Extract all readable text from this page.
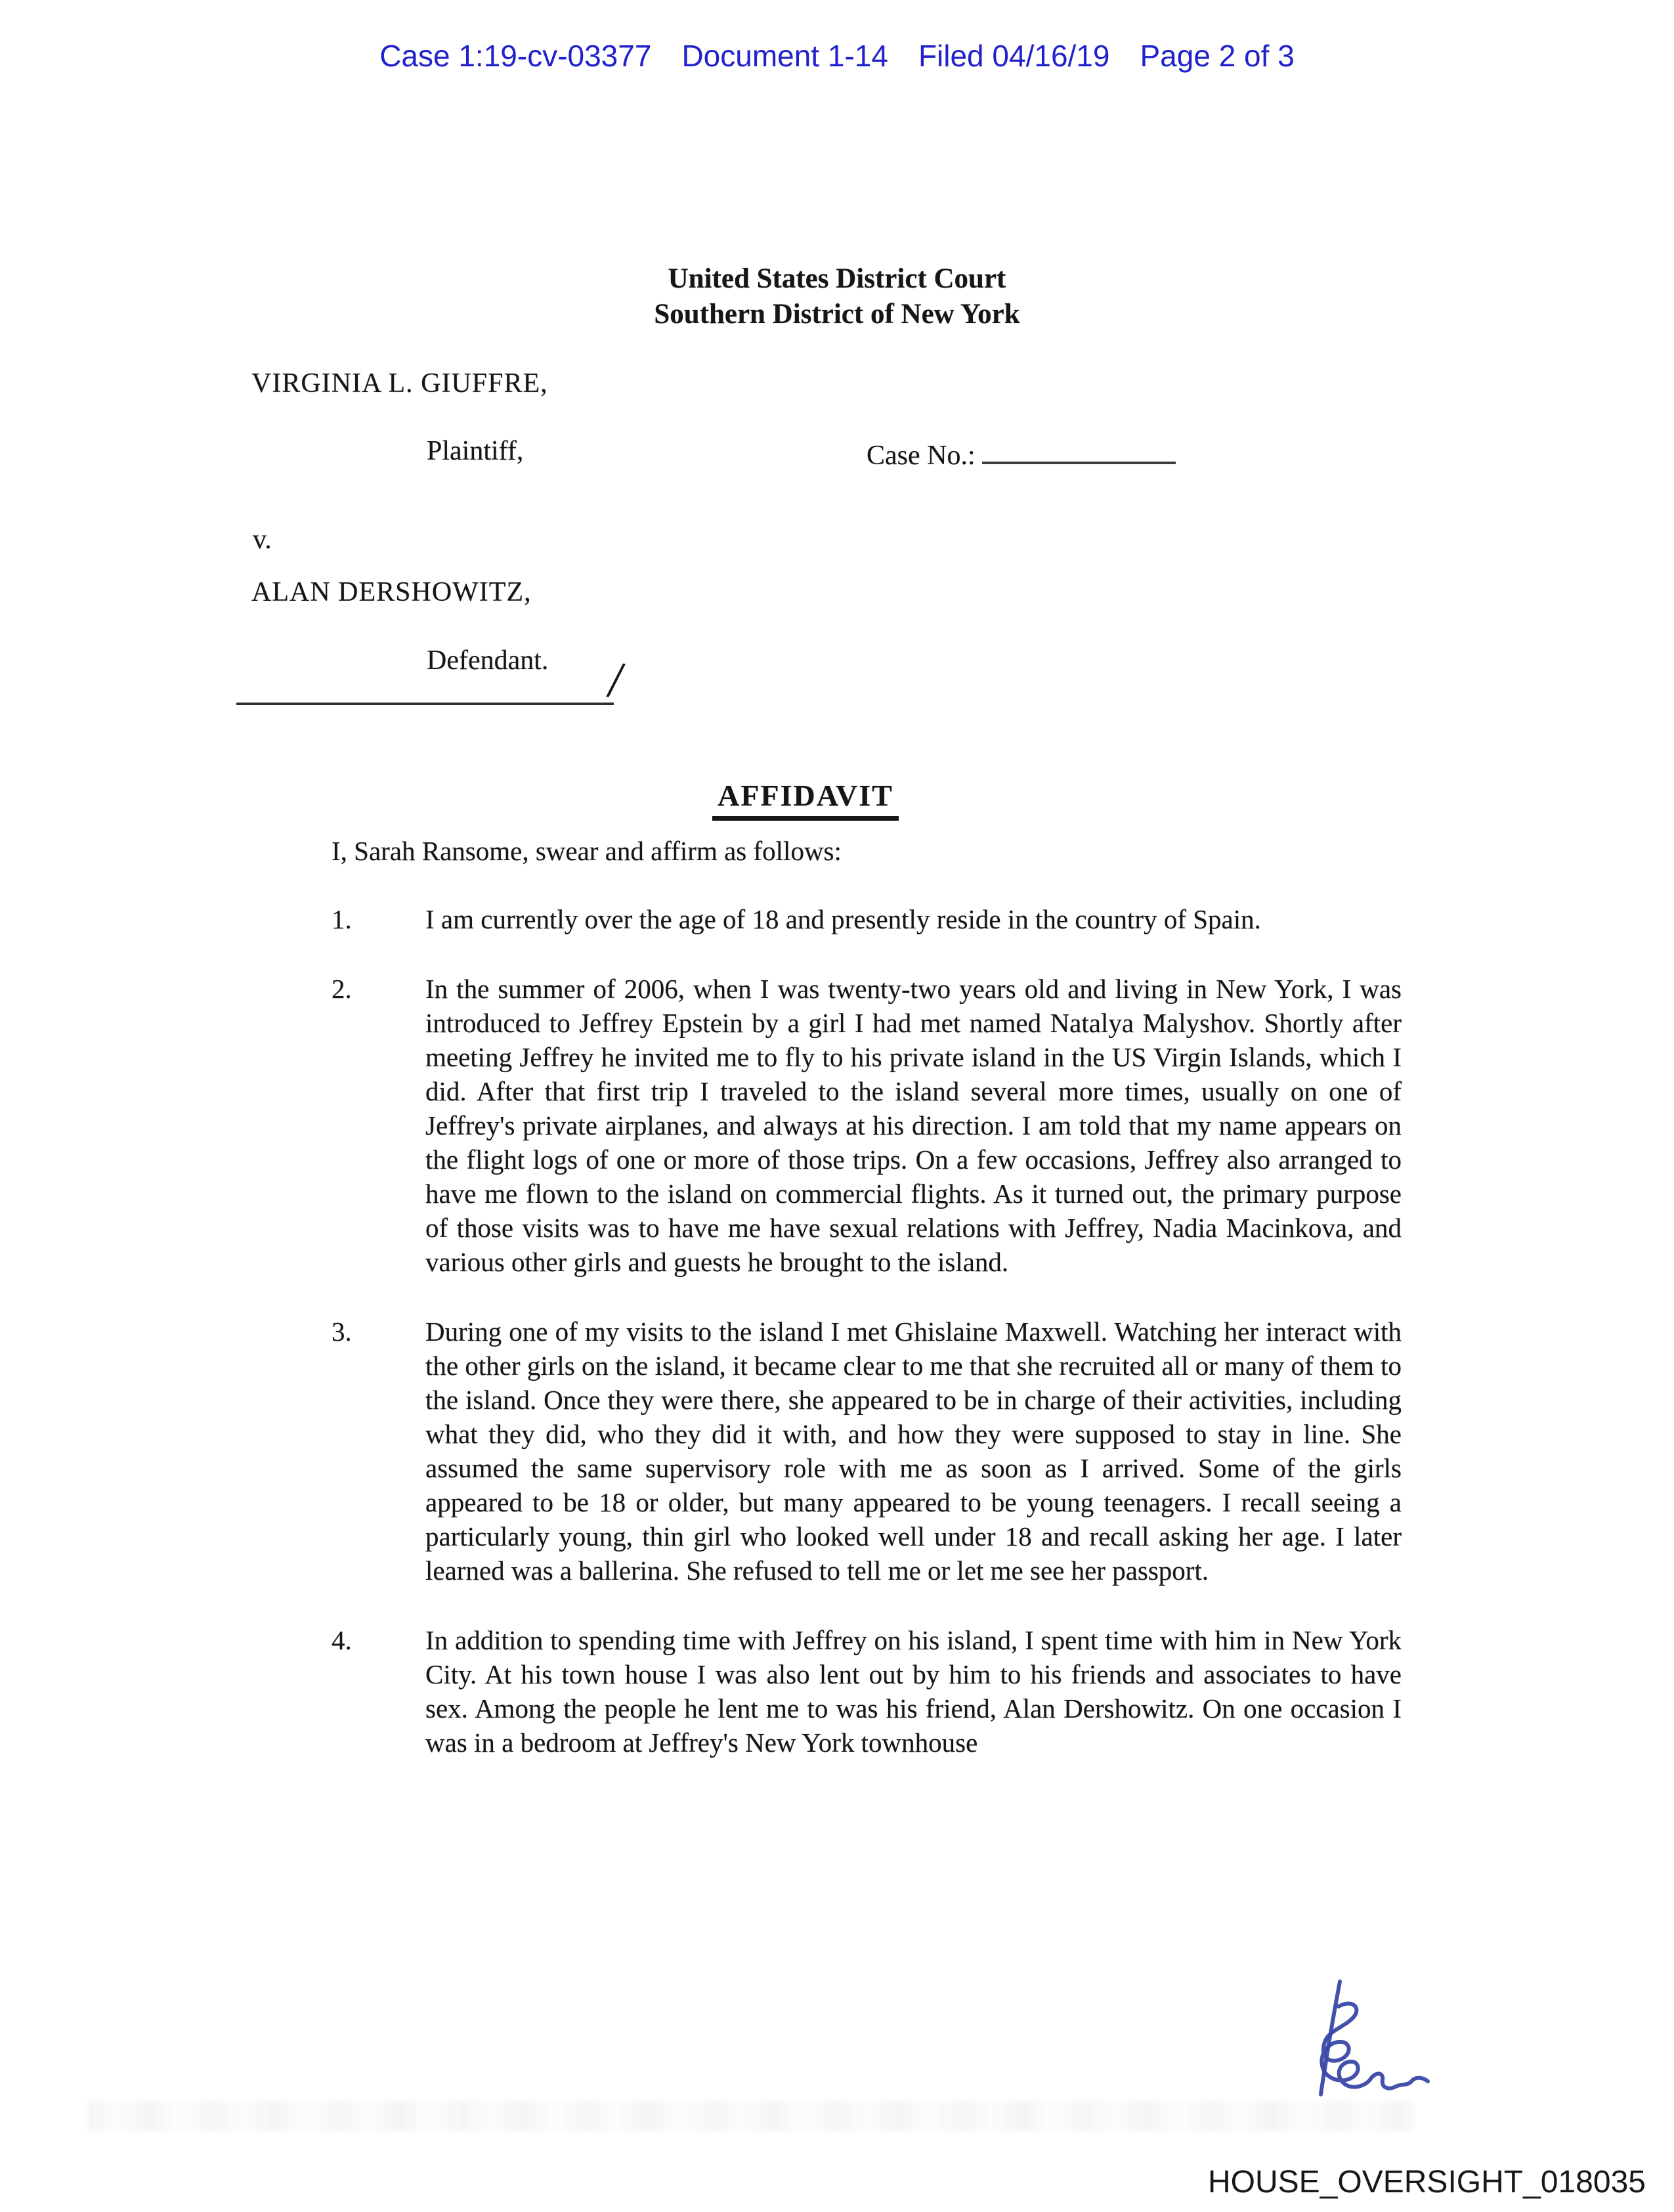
Case 1:19-cv-03377 Document 1-14 Filed 04/16/19 Page 2 of 3
United States District Court
Southern District of New York
VIRGINIA L. GIUFFRE,
Plaintiff,	Case No.:
v.
ALAN DERSHOWITZ,
Defendant. /
AFFIDAVIT
I, Sarah Ransome, swear and affirm as follows:
1.	I am currently over the age of 18 and presently reside in the country of Spain.
2.	In the summer of 2006, when I was twenty-two years old and living in New York, I was introduced to Jeffrey Epstein by a girl I had met named Natalya Malyshov. Shortly after meeting Jeffrey he invited me to fly to his private island in the US Virgin Islands, which I did. After that first trip I traveled to the island several more times, usually on one of Jeffrey's private airplanes, and always at his direction. I am told that my name appears on the flight logs of one or more of those trips. On a few occasions, Jeffrey also arranged to have me flown to the island on commercial flights. As it turned out, the primary purpose of those visits was to have me have sexual relations with Jeffrey, Nadia Macinkova, and various other girls and guests he brought to the island.
3.	During one of my visits to the island I met Ghislaine Maxwell. Watching her interact with the other girls on the island, it became clear to me that she recruited all or many of them to the island. Once they were there, she appeared to be in charge of their activities, including what they did, who they did it with, and how they were supposed to stay in line. She assumed the same supervisory role with me as soon as I arrived. Some of the girls appeared to be 18 or older, but many appeared to be young teenagers. I recall seeing a particularly young, thin girl who looked well under 18 and recall asking her age. I later learned was a ballerina. She refused to tell me or let me see her passport.
4.	In addition to spending time with Jeffrey on his island, I spent time with him in New York City. At his town house I was also lent out by him to his friends and associates to have sex. Among the people he lent me to was his friend, Alan Dershowitz. On one occasion I was in a bedroom at Jeffrey's New York townhouse
HOUSE_OVERSIGHT_018035
